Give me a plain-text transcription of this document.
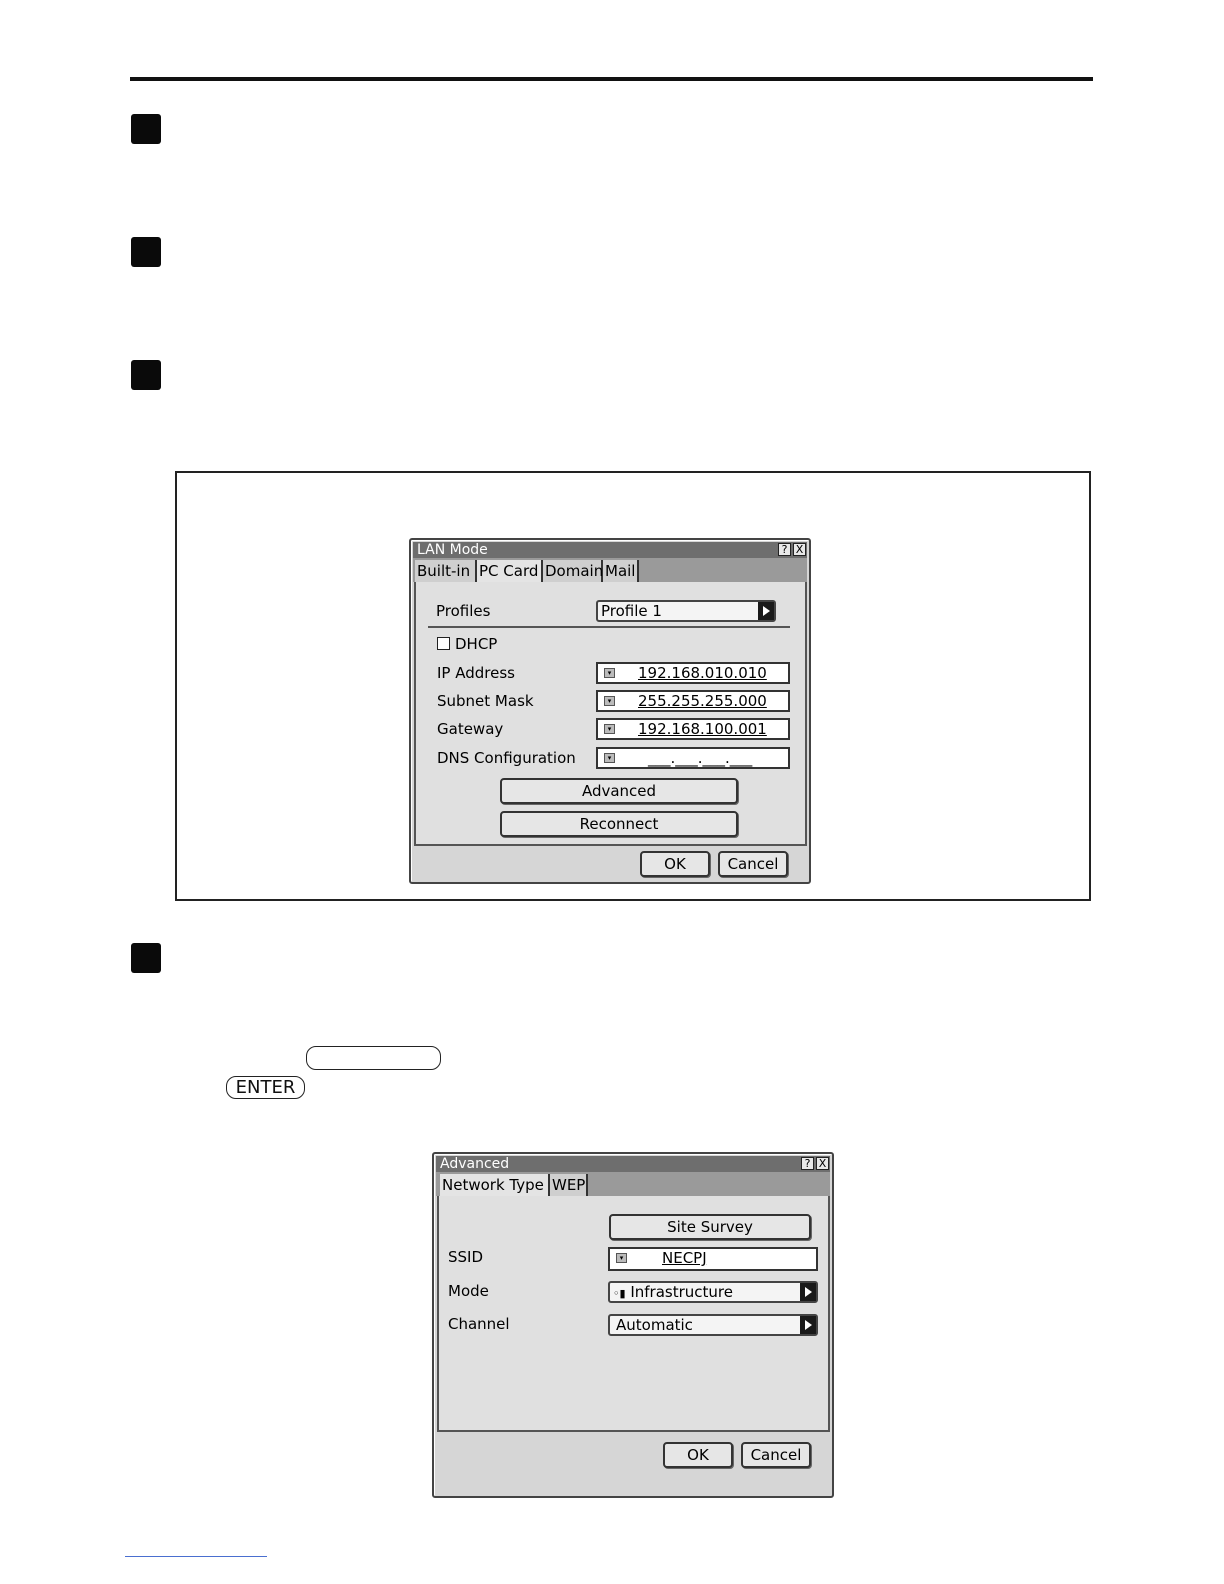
LAN Mode	? X
Built-in PC Card Domain Mail
Profiles	Profile 1
DHCP
IP Address	▾ 192.168.010.010
Subnet Mask	▾ 255.255.255.000
Gateway	▾ 192.168.100.001
DNS Configuration	▾ ___.___.___.___
Advanced
Reconnect
OK	Cancel
ENTER
Advanced	? X
Network Type WEP
Site Survey
SSID	▾	NECPJ
Mode	◦▮ Infrastructure
Channel	Automatic
OK	Cancel
